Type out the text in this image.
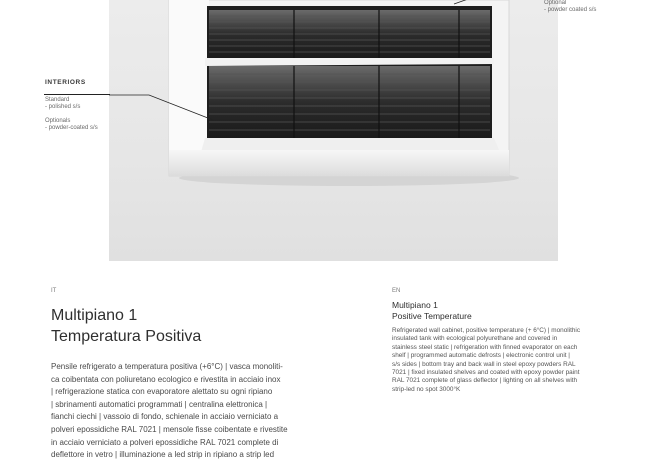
INTERIORS
Standard
- polished s/s
Optionals
- powder-coated s/s
Optional
- powder coated s/s
IT
Multipiano 1
Temperatura Positiva
Pensile refrigerato a temperatura positiva (+6°C) | vasca monoliti-
ca coibentata con poliuretano ecologico e rivestita in acciaio inox
| refrigerazione statica con evaporatore alettato su ogni ripiano
| sbrinamenti automatici programmati | centralina elettronica |
fianchi ciechi | vassoio di fondo, schienale in acciaio verniciato a
polveri epossidiche RAL 7021 | mensole fisse coibentate e rivestite
in acciaio verniciato a polveri epossidiche RAL 7021 complete di
deflettore in vetro | illuminazione a led strip in ripiano a strip led
EN
Multipiano 1
Positive Temperature
Refrigerated wall cabinet, positive temperature (+ 6°C) | monolithic
insulated tank with ecological polyurethane and covered in
stainless steel static | refrigeration with finned evaporator on each
shelf | programmed automatic defrosts | electronic control unit |
s/s sides | bottom tray and back wall in steel epoxy powders RAL
7021 | fixed insulated shelves and coated with epoxy powder paint
RAL 7021 complete of glass deflector | lighting on all shelves with
strip-led no spot 3000°K
